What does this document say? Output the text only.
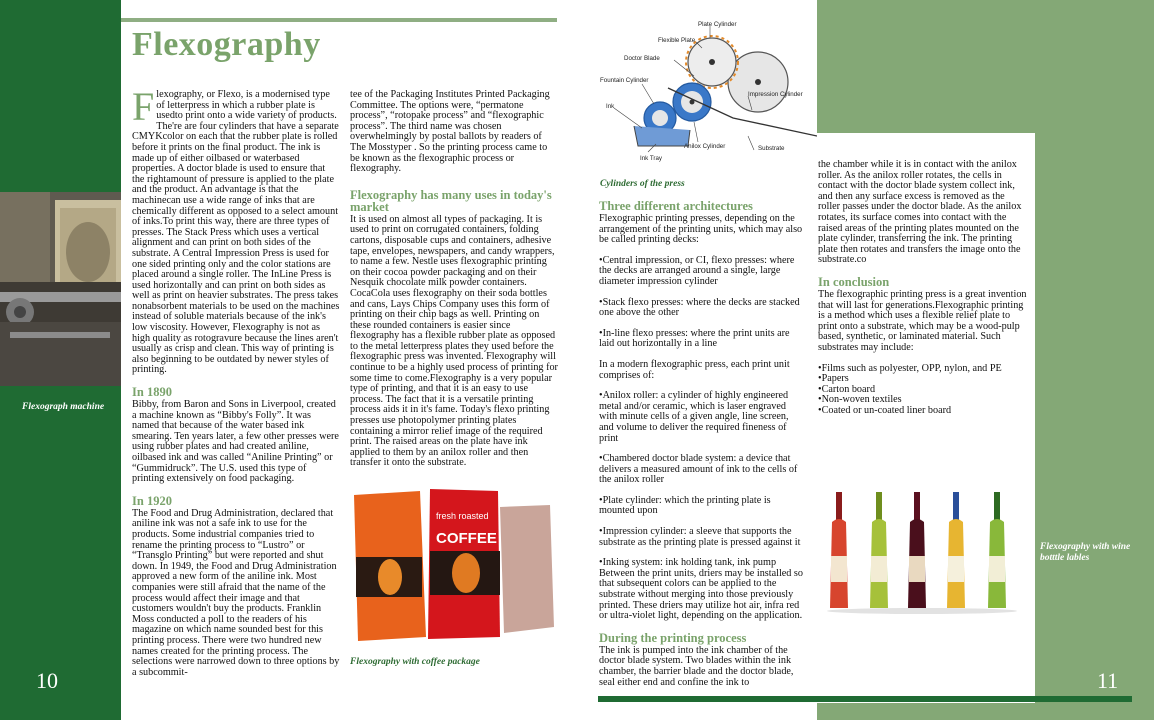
10	11
Flexography
Flexograph machine

Flexography, or Flexo, is a modernised type of letterpress in which a rubber plate is usedto print onto a wide variety of products. The're are four cylinders that have a separate CMYKcolor on each that the rubber plate is rolled before it prints on the final product. The ink is made up of either oilbased or waterbased properties. A doctor blade is used to ensure that the rightamount of pressure is applied to the plate and the product. An advantage is that the machinecan use a wide range of inks that are chemically different as opposed to a select amount of inks.To print this way, there are three types of presses. The Stack Press which uses a vertical alignment and can print on both sides of the substrate. A Central Impression Press is used for one sided printing only and the color stations are placed around a single roller. The InLine Press is used horizontally and can print on both sides as well as print on heavier substrates. The press takes nonabsorbent materials to be used on the machines instead of soluble materials because of the ink's low viscosity. However, Flexography is not as high quality as rotogravure because the lines aren't usually as crisp and clean. This way of printing is also beginning to be outdated by newer styles of printing.

In 1890

Bibby, from Baron and Sons in Liverpool, created a machine known as “Bibby's Folly”. It was named that because of the water based ink smearing. Ten years later, a few other presses were using rubber plates and had created aniline, oilbased ink and was called “Aniline Printing” or “Gummidruck”. The U.S. used this type of printing extensively on food packaging.

In 1920

The Food and Drug Administration, declared that aniline ink was not a safe ink to use for the products. Some industrial companies tried to rename the printing process to “Lustro” or “Transglo Printing” but were reported and shut down. In 1949, the Food and Drug Administration approved a new form of the aniline ink. Most companies were still afraid that the name of the process would affect their image and that customers wouldn't buy the products. Franklin Moss conducted a poll to the readers of his magazine on which name sounded best for this printing process. There were two hundred new names created for the printing process. The selections were narrowed down to three options by a subcommit-

tee of the Packaging Institutes Printed Packaging Committee. The options were, “permatone process”, “rotopake process” and “flexographic process”. The third name was chosen overwhelmingly by postal ballots by readers of The Mosstyper . So the printing process came to be known as the flexographic process or flexography.

Flexography has many uses in today's market

It is used on almost all types of packaging. It is used to print on corrugated containers, folding cartons, disposable cups and containers, adhesive tape, envelopes, newspapers, and candy wrappers, to name a few. Nestle uses flexographic printing on their cocoa powder packaging and on their Nesquik chocolate milk powder containers. CocaCola uses flexography on their soda bottles and cans, Lays Chips Company uses this form of printing on their chip bags as well. Printing on these rounded containers is easier since flexography has a flexible rubber plate as opposed to the metal letterpress plates they used before the flexographic press was invented. Flexography will continue to be a highly used process of printing for some time to come.Flexography is a very popular type of printing, and that it is an easy to use process. The fact that it is a versatile printing process aids it in it's fame. Today's flexo printing presses use photopolymer printing plates containing a mirror relief image of the required print. The raised areas on the plate have ink applied to them by an anilox roller and then transfer it onto the substrate.

fresh roasted
COFFEE
Flexography with coffee package
Plate Cylinder
Flexible Plate
Doctor Blade
Fountain Cylinder
Ink
Ink Tray
Anilox Cylinder
Impression Cylinder
Substrate
Cylinders of the press
Three different architectures

Flexographic printing presses, depending on the arrangement of the printing units, which may also be called printing decks:

•Central impression, or CI, flexo presses: where the decks are arranged around a single, large diameter impression cylinder

•Stack flexo presses: where the decks are stacked one above the other

•In-line flexo presses: where the print units are laid out horizontally in a line

In a modern flexographic press, each print unit comprises of:

•Anilox roller: a cylinder of highly engineered metal and/or ceramic, which is laser engraved with minute cells of a given angle, line screen, and volume to deliver the required fineness of print

•Chambered doctor blade system: a device that delivers a measured amount of ink to the cells of the anilox roller

•Plate cylinder: which the printing plate is mounted upon

•Impression cylinder: a sleeve that supports the substrate as the printing plate is pressed against it

•Inking system: ink holding tank, ink pump Between the print units, driers may be installed so that subsequent colors can be applied to the substrate without merging into those previously printed. These driers may utilize hot air, infra red or ultra-violet light, depending on the application.

During the printing process

The ink is pumped into the ink chamber of the doctor blade system. Two blades within the ink chamber, the barrier blade and the doctor blade, seal either end and confine the ink to

the chamber while it is in contact with the anilox roller. As the anilox roller rotates, the cells in contact with the doctor blade system collect ink, and then any surface excess is removed as the roller passes under the doctor blade. As the anilox rotates, its surface comes into contact with the raised areas of the printing plates mounted on the plate cylinder, transferring the ink. The printing plate then rotates and transfers the image onto the substrate.co

In conclusion

The flexographic printing press is a great invention that will last for generations.Flexographic printing is a method which uses a flexible relief plate to print onto a substrate, which may be a wood-pulp based, synthetic, or laminated material. Such substrates may include:

•Films such as polyester, OPP, nylon, and PE

•Papers

•Carton board

•Non-woven textiles

•Coated or un-coated liner board

Flexography with wine botttle lables
